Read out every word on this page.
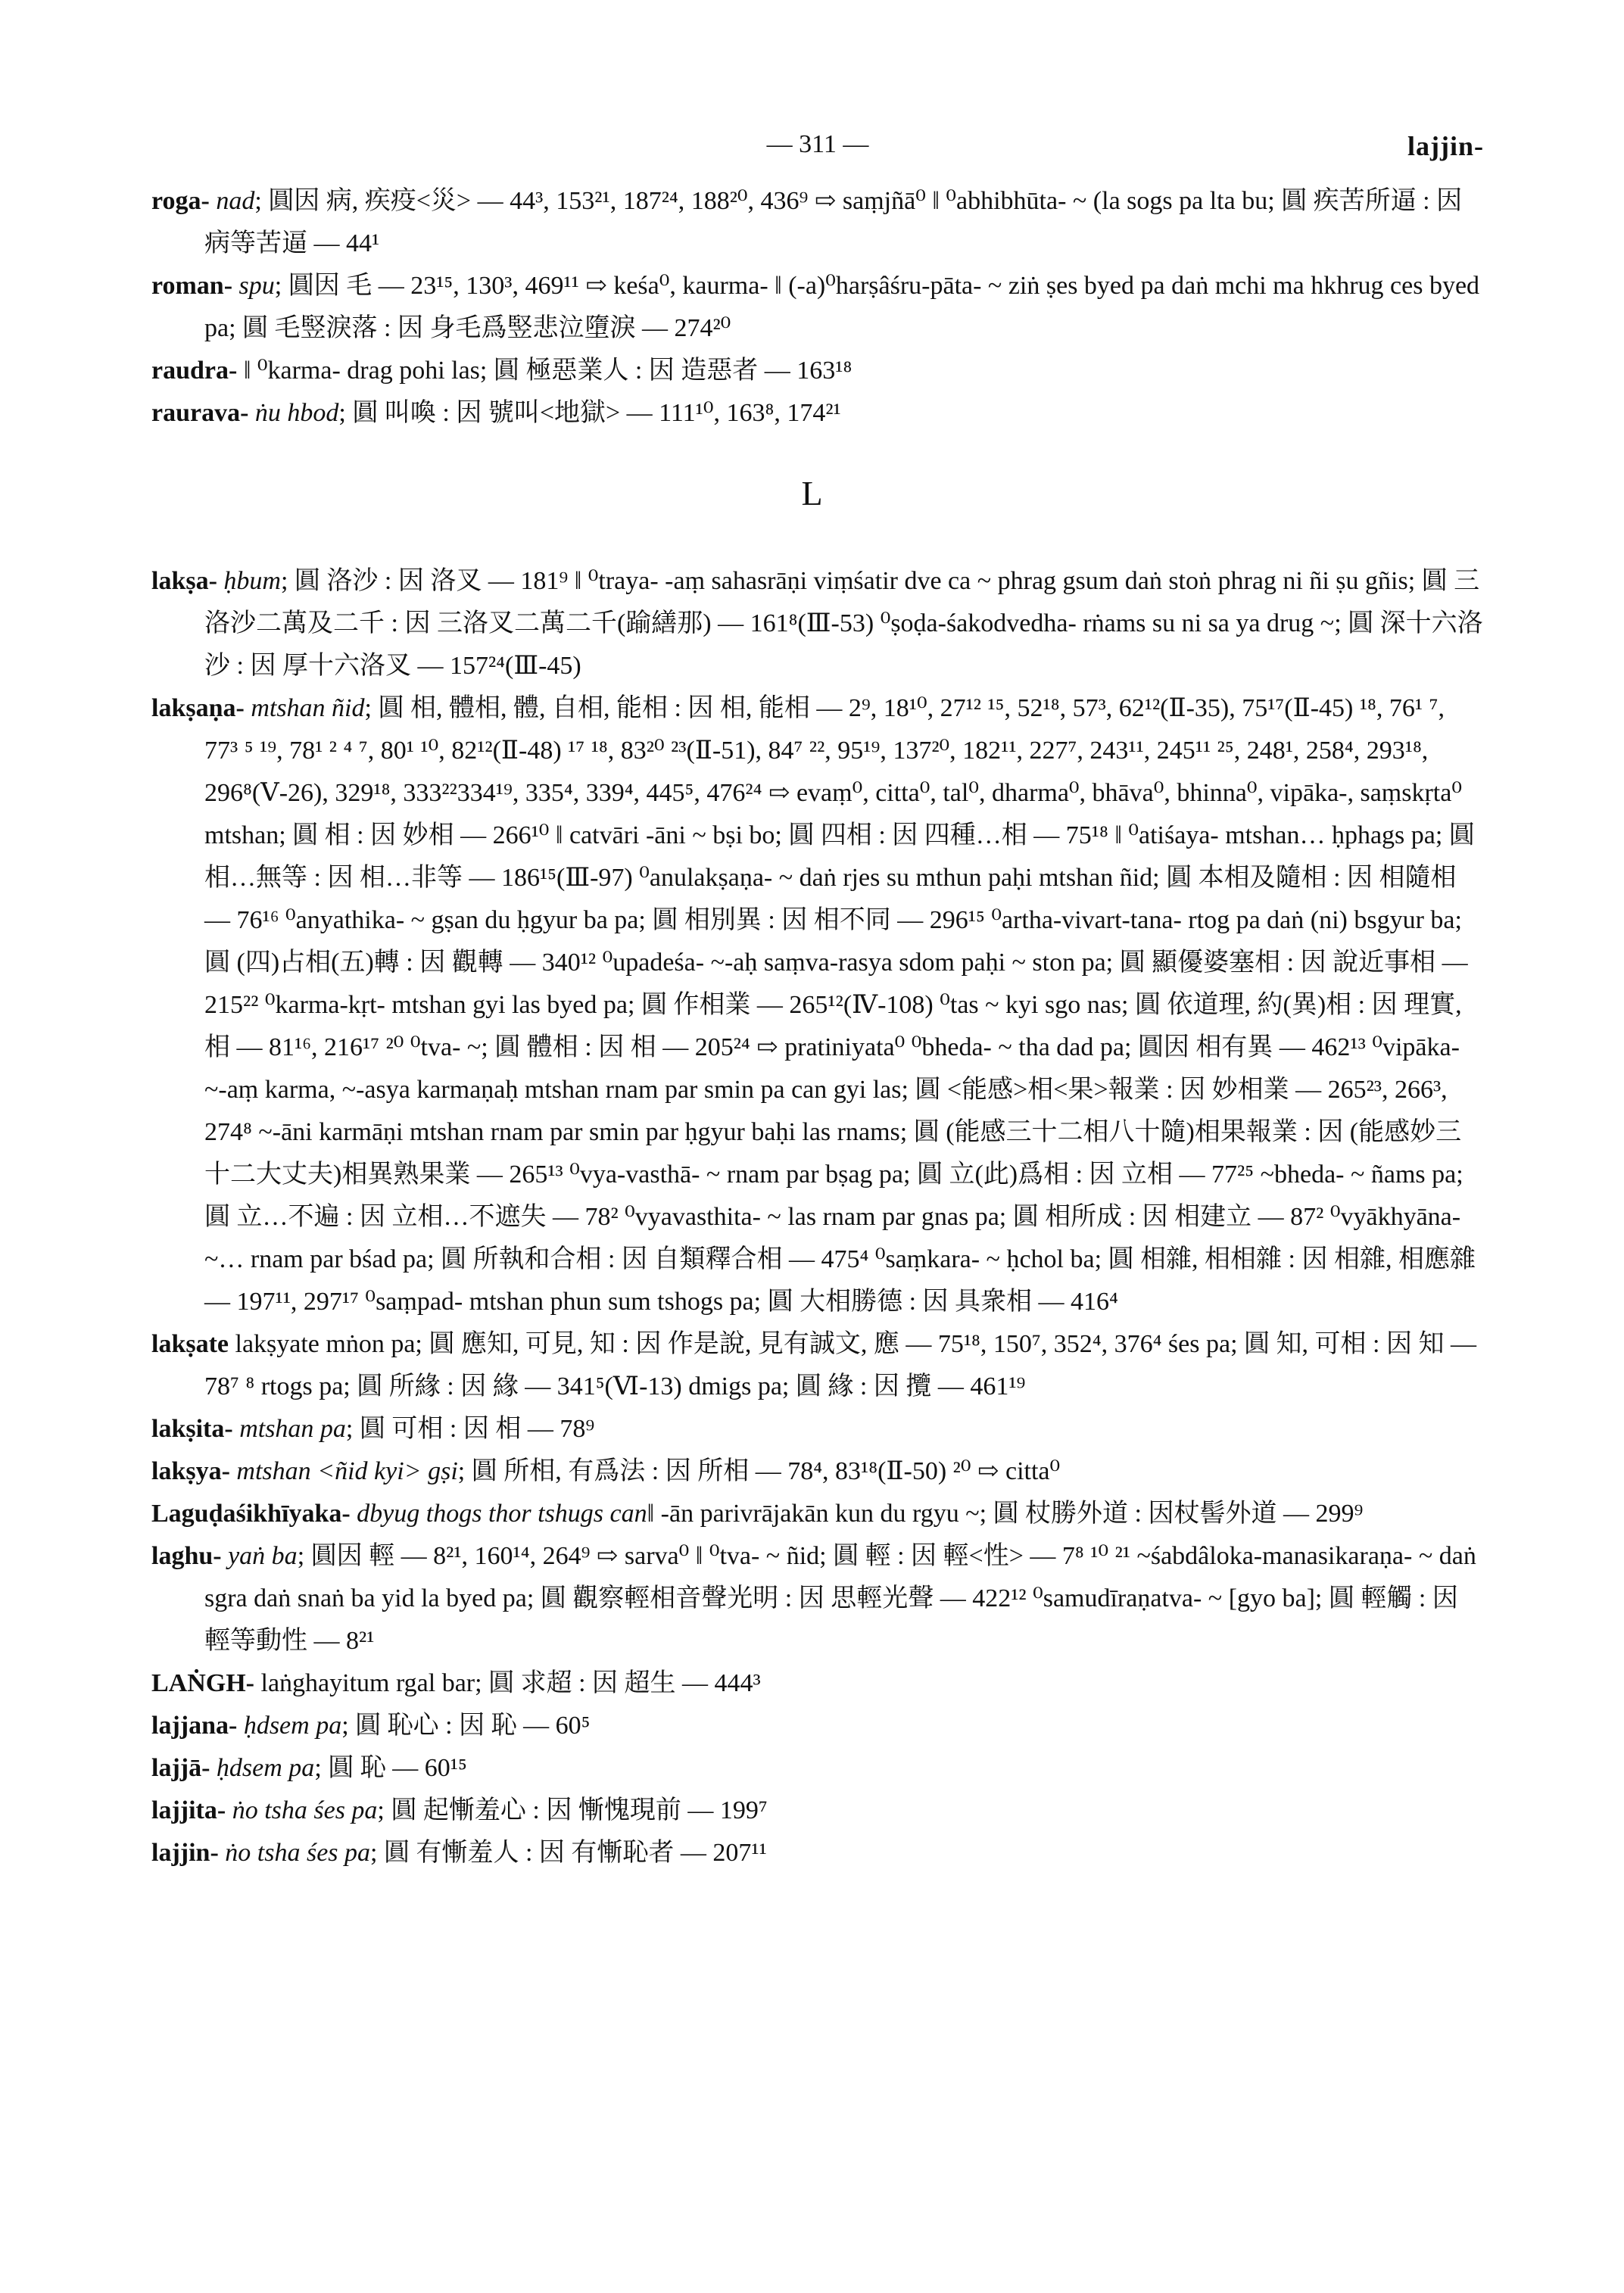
— 311 —	lajjin-

roga- nad; 圓因 病, 疾疫<災> — 44³, 153²¹, 187²⁴, 188²⁰, 436⁹ ⇨ saṃjñā⁰ ‖ ⁰abhibhūta- ~ (la sogs pa lta bu; 圓 疾苦所逼 : 因 病等苦逼 — 44¹

roman- spu; 圓因 毛 — 23¹⁵, 130³, 469¹¹ ⇨ keśa⁰, kaurma- ‖ (-a)⁰harṣâśru-pāta- ~ ziṅ ṣes byed pa daṅ mchi ma hkhrug ces byed pa; 圓 毛竪淚落 : 因 身毛爲竪悲泣墮淚 — 274²⁰

raudra- ‖ ⁰karma- drag pohi las; 圓 極惡業人 : 因 造惡者 — 163¹⁸

raurava- ṅu hbod; 圓 叫喚 : 因 號叫<地獄> — 111¹⁰, 163⁸, 174²¹

L

lakṣa- ḥbum; 圓 洛沙 : 因 洛叉 — 181⁹ ‖ ⁰traya- -aṃ sahasrāṇi viṃśatir dve ca ~ phrag gsum daṅ stoṅ phrag ni ñi ṣu gñis; 圓 三洛沙二萬及二千 : 因 三洛叉二萬二千(踰繕那) — 161⁸(Ⅲ-53) ⁰ṣoḍa-śakodvedha- rṅams su ni sa ya drug ~; 圓 深十六洛沙 : 因 厚十六洛叉 — 157²⁴(Ⅲ-45)

lakṣaṇa- mtshan ñid; 圓 相, 體相, 體, 自相, 能相 : 因 相, 能相 — 2⁹, 18¹⁰, 27¹² ¹⁵, 52¹⁸, 57³, 62¹²(Ⅱ-35), 75¹⁷(Ⅱ-45) ¹⁸, 76¹ ⁷, 77³ ⁵ ¹⁹, 78¹ ² ⁴ ⁷, 80¹ ¹⁰, 82¹²(Ⅱ-48) ¹⁷ ¹⁸, 83²⁰ ²³(Ⅱ-51), 84⁷ ²², 95¹⁹, 137²⁰, 182¹¹, 227⁷, 243¹¹, 245¹¹ ²⁵, 248¹, 258⁴, 293¹⁸, 296⁸(Ⅴ-26), 329¹⁸, 333²²334¹⁹, 335⁴, 339⁴, 445⁵, 476²⁴ ⇨ evaṃ⁰, citta⁰, tal⁰, dharma⁰, bhāva⁰, bhinna⁰, vipāka-, saṃskṛta⁰ mtshan; 圓 相 : 因 妙相 — 266¹⁰ ‖ catvāri -āni ~ bṣi bo; 圓 四相 : 因 四種…相 — 75¹⁸ ‖ ⁰atiśaya- mtshan… ḥphags pa; 圓 相…無等 : 因 相…非等 — 186¹⁵(Ⅲ-97) ⁰anulakṣaṇa- ~ daṅ rjes su mthun paḥi mtshan ñid; 圓 本相及隨相 : 因 相隨相 — 76¹⁶ ⁰anyathika- ~ gṣan du ḥgyur ba pa; 圓 相別異 : 因 相不同 — 296¹⁵ ⁰artha-vivart-tana- rtog pa daṅ (ni) bsgyur ba; 圓 (四)占相(五)轉 : 因 觀轉 — 340¹² ⁰upadeśa- ~-aḥ saṃva-rasya sdom paḥi ~ ston pa; 圓 顯優婆塞相 : 因 說近事相 — 215²² ⁰karma-kṛt- mtshan gyi las byed pa; 圓 作相業 — 265¹²(Ⅳ-108) ⁰tas ~ kyi sgo nas; 圓 依道理, 約(異)相 : 因 理實, 相 — 81¹⁶, 216¹⁷ ²⁰ ⁰tva- ~; 圓 體相 : 因 相 — 205²⁴ ⇨ pratiniyata⁰ ⁰bheda- ~ tha dad pa; 圓因 相有異 — 462¹³ ⁰vipāka- ~-aṃ karma, ~-asya karmaṇaḥ mtshan rnam par smin pa can gyi las; 圓 <能感>相<果>報業 : 因 妙相業 — 265²³, 266³, 274⁸ ~-āni karmāṇi mtshan rnam par smin par ḥgyur baḥi las rnams; 圓 (能感三十二相八十隨)相果報業 : 因 (能感妙三十二大丈夫)相異熟果業 — 265¹³ ⁰vya-vasthā- ~ rnam par bṣag pa; 圓 立(此)爲相 : 因 立相 — 77²⁵ ~bheda- ~ ñams pa; 圓 立…不遍 : 因 立相…不遮失 — 78² ⁰vyavasthita- ~ las rnam par gnas pa; 圓 相所成 : 因 相建立 — 87² ⁰vyākhyāna- ~… rnam par bśad pa; 圓 所執和合相 : 因 自類釋合相 — 475⁴ ⁰saṃkara- ~ ḥchol ba; 圓 相雜, 相相雜 : 因 相雜, 相應雜 — 197¹¹, 297¹⁷ ⁰saṃpad- mtshan phun sum tshogs pa; 圓 大相勝德 : 因 具衆相 — 416⁴

lakṣate lakṣyate mṅon pa; 圓 應知, 可見, 知 : 因 作是說, 見有誠文, 應 — 75¹⁸, 150⁷, 352⁴, 376⁴ śes pa; 圓 知, 可相 : 因 知 — 78⁷ ⁸ rtogs pa; 圓 所緣 : 因 緣 — 341⁵(Ⅵ-13) dmigs pa; 圓 緣 : 因 攬 — 461¹⁹

lakṣita- mtshan pa; 圓 可相 : 因 相 — 78⁹

lakṣya- mtshan <ñid kyi> gṣi; 圓 所相, 有爲法 : 因 所相 — 78⁴, 83¹⁸(Ⅱ-50) ²⁰ ⇨ citta⁰

Laguḍaśikhīyaka- dbyug thogs thor tshugs can‖ -ān parivrājakān kun du rgyu ~; 圓 杖勝外道 : 因杖髻外道 — 299⁹

laghu- yaṅ ba; 圓因 輕 — 8²¹, 160¹⁴, 264⁹ ⇨ sarva⁰ ‖ ⁰tva- ~ ñid; 圓 輕 : 因 輕<性> — 7⁸ ¹⁰ ²¹ ~śabdâloka-manasikaraṇa- ~ daṅ sgra daṅ snaṅ ba yid la byed pa; 圓 觀察輕相音聲光明 : 因 思輕光聲 — 422¹² ⁰samudīraṇatva- ~ [gyo ba]; 圓 輕觸 : 因 輕等動性 — 8²¹

LAṄGH- laṅghayitum rgal bar; 圓 求超 : 因 超生 — 444³

lajjana- ḥdsem pa; 圓 恥心 : 因 恥 — 60⁵

lajjā- ḥdsem pa; 圓 恥 — 60¹⁵

lajjita- ṅo tsha śes pa; 圓 起慚羞心 : 因 慚愧現前 — 199⁷

lajjin- ṅo tsha śes pa; 圓 有慚羞人 : 因 有慚恥者 — 207¹¹
